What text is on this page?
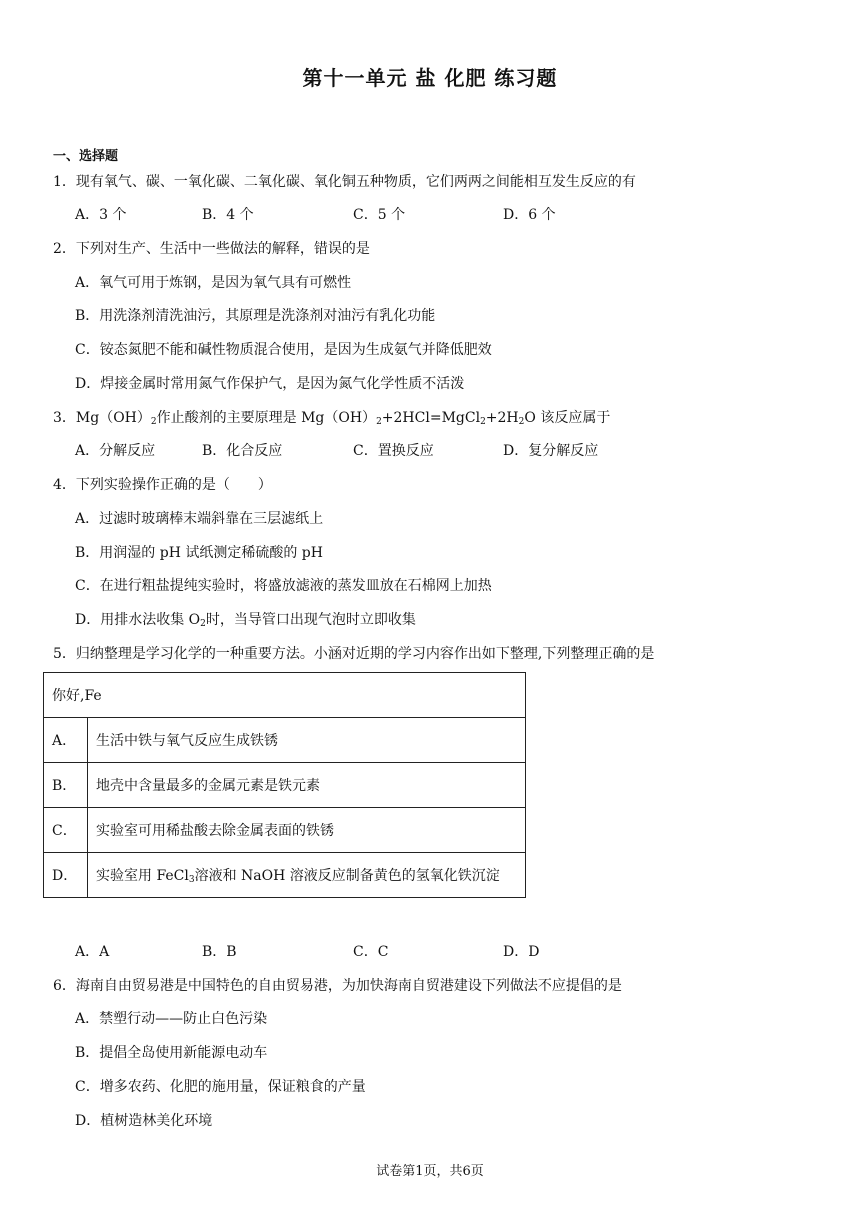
第十一单元 盐 化肥 练习题
一、选择题
1．现有氧气、碳、一氧化碳、二氧化碳、氧化铜五种物质，它们两两之间能相互发生反应的有
A．3 个	B．4 个	C．5 个	D．6 个
2．下列对生产、生活中一些做法的解释，错误的是
A．氧气可用于炼钢，是因为氧气具有可燃性
B．用洗涤剂清洗油污，其原理是洗涤剂对油污有乳化功能
C．铵态氮肥不能和碱性物质混合使用，是因为生成氨气并降低肥效
D．焊接金属时常用氮气作保护气，是因为氮气化学性质不活泼
3．$Mg(OH)_2$作止酸剂的主要原理是 $Mg(OH)_2+2HCl=MgCl_2+2H_2O$ 该反应属于
A．分解反应	B．化合反应	C．置换反应	D．复分解反应
4．下列实验操作正确的是（　　）
A．过滤时玻璃棒末端斜靠在三层滤纸上
B．用润湿的 pH 试纸测定稀硫酸的 pH
C．在进行粗盐提纯实验时，将盛放滤液的蒸发皿放在石棉网上加热
D．用排水法收集 $O_2$时，当导管口出现气泡时立即收集
5．归纳整理是学习化学的一种重要方法。小涵对近期的学习内容作出如下整理,下列整理正确的是
你好,Fe	
A．	生活中铁与氧气反应生成铁锈
B．	地壳中含量最多的金属元素是铁元素
C．	实验室可用稀盐酸去除金属表面的铁锈
D．	实验室用 FeCl$_3$溶液和 NaOH 溶液反应制备黄色的氢氧化铁沉淀
A．A	B．B	C．C	D．D
6．海南自由贸易港是中国特色的自由贸易港，为加快海南自贸港建设下列做法不应提倡的是
A．禁塑行动——防止白色污染
B．提倡全岛使用新能源电动车
C．增多农药、化肥的施用量，保证粮食的产量
D．植树造林美化环境
试卷第1页，共6页
